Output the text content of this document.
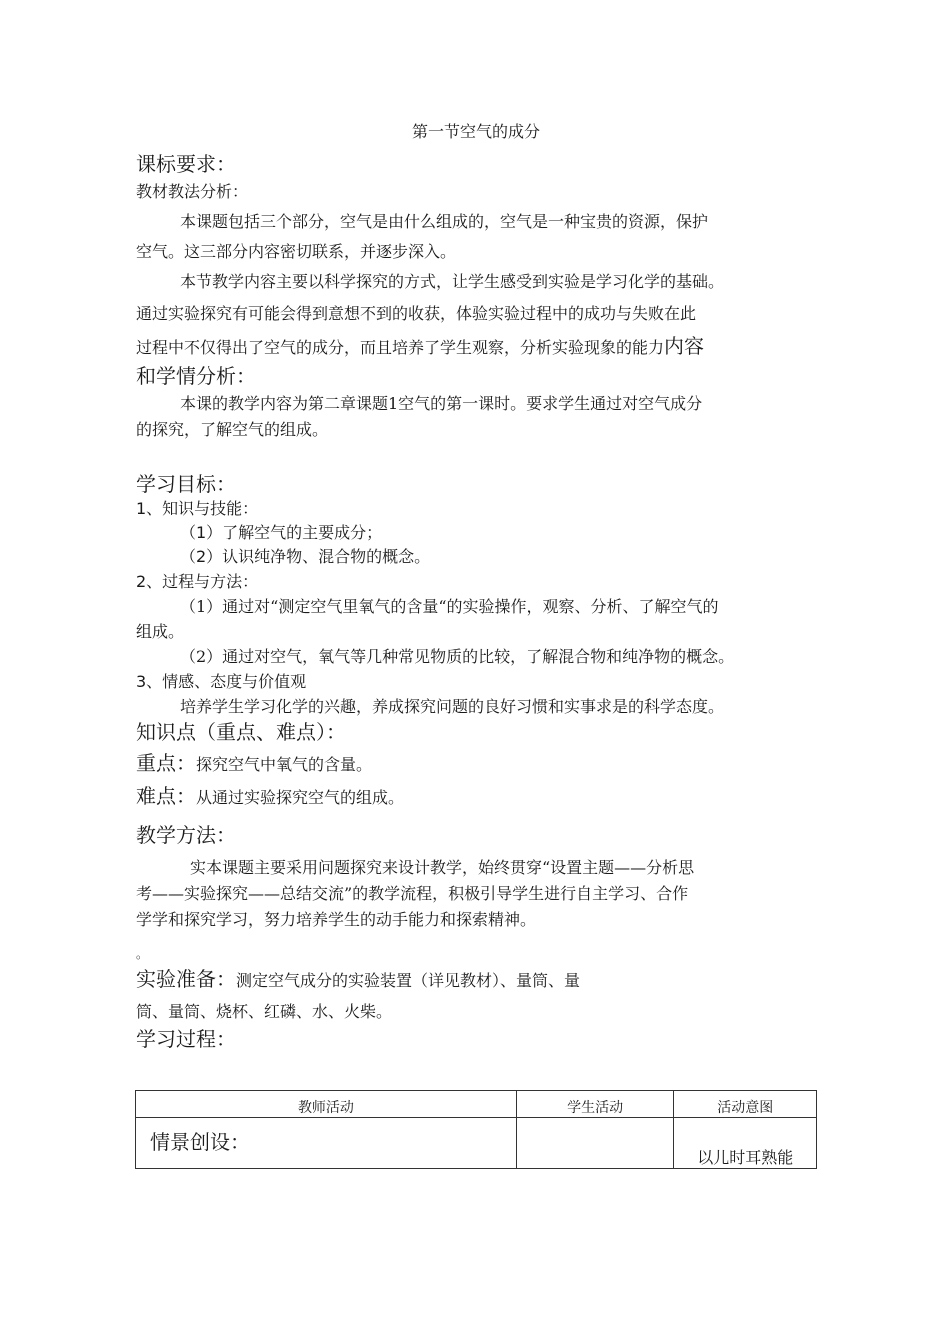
第一节空气的成分
课标要求：
教材教法分析：
本课题包括三个部分，空气是由什么组成的，空气是一种宝贵的资源，保护
空气。这三部分内容密切联系，并逐步深入。
本节教学内容主要以科学探究的方式，让学生感受到实验是学习化学的基础。
通过实验探究有可能会得到意想不到的收获，体验实验过程中的成功与失败在此
过程中不仅得出了空气的成分，而且培养了学生观察，分析实验现象的能力内容
和学情分析：
本课的教学内容为第二章课题1空气的第一课时。要求学生通过对空气成分
的探究，了解空气的组成。
学习目标：
1、知识与技能：
（1）了解空气的主要成分；
（2）认识纯净物、混合物的概念。
2、过程与方法：
（1）通过对“测定空气里氧气的含量“的实验操作，观察、分析、了解空气的
组成。
（2）通过对空气，氧气等几种常见物质的比较，了解混合物和纯净物的概念。
3、情感、态度与价值观
培养学生学习化学的兴趣，养成探究问题的良好习惯和实事求是的科学态度。
知识点（重点、难点）：
重点：探究空气中氧气的含量。
难点：从通过实验探究空气的组成。
教学方法：
实本课题主要采用问题探究来设计教学，始终贯穿“设置主题——分析思
考——实验探究——总结交流”的教学流程，积极引导学生进行自主学习、合作
学学和探究学习，努力培养学生的动手能力和探索精神。
。
实验准备：测定空气成分的实验装置（详见教材）、量筒、量
筒、量筒、烧杯、红磷、水、火柴。
学习过程：
教师活动	学生活动	活动意图
情景创设：		以儿时耳熟能
